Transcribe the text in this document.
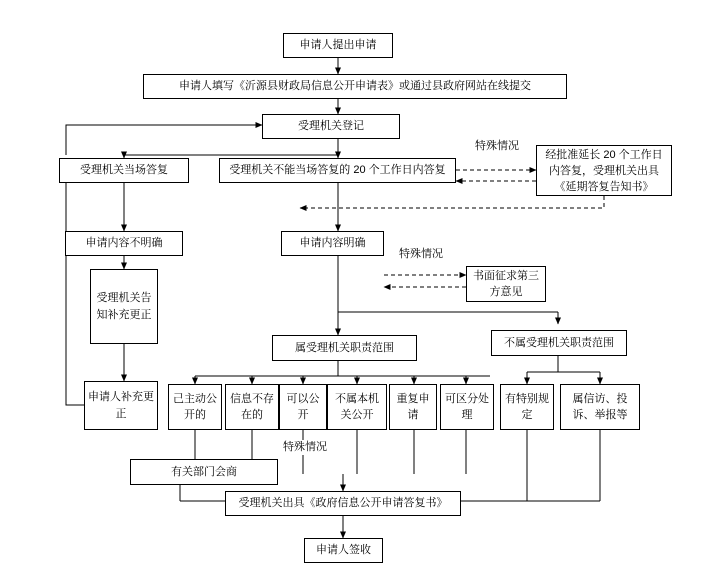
申请人提出申请
申请人填写《沂源县财政局信息公开申请表》或通过县政府网站在线提交
受理机关登记
受理机关当场答复	受理机关不能当场答复的 20 个工作日内答复
经批准延长 20 个工作日内答复，受理机关出具《延期答复告知书》
申请内容不明确	申请内容明确
书面征求第三方意见
受理机关告知补充更正
申请人补充更正
属受理机关职责范围	不属受理机关职责范围
己主动公开的
信息不存在的
可以公开
不属本机关公开
重复申请
可区分处理
有特别规定
属信访、投诉、举报等
有关部门会商
受理机关出具《政府信息公开申请答复书》
申请人签收
特殊情况
特殊情况
特殊情况
